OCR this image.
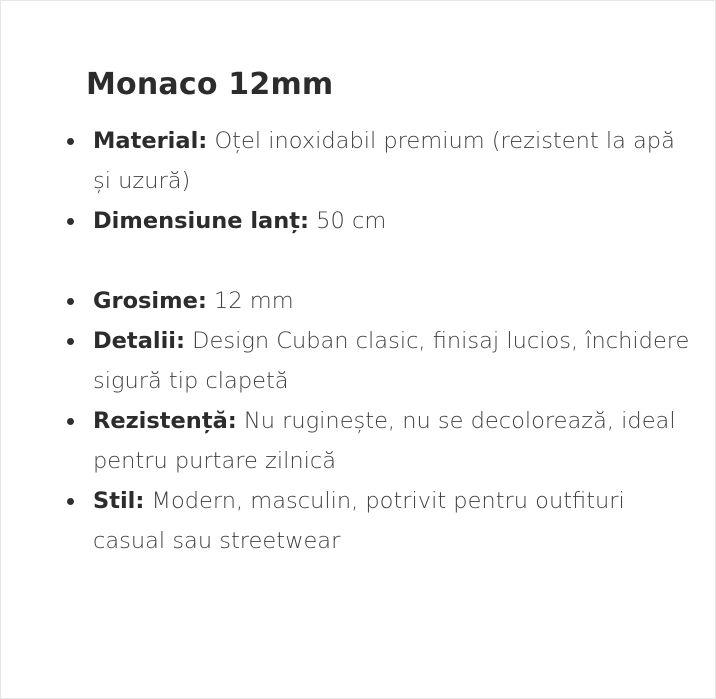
Monaco 12mm
Material: Oțel inoxidabil premium (rezistent la apă și uzură)
Dimensiune lanț: 50 cm
Grosime: 12 mm
Detalii: Design Cuban clasic, finisaj lucios, închidere sigură tip clapetă
Rezistență: Nu ruginește, nu se decolorează, ideal pentru purtare zilnică
Stil: Modern, masculin, potrivit pentru outfituri casual sau streetwear
